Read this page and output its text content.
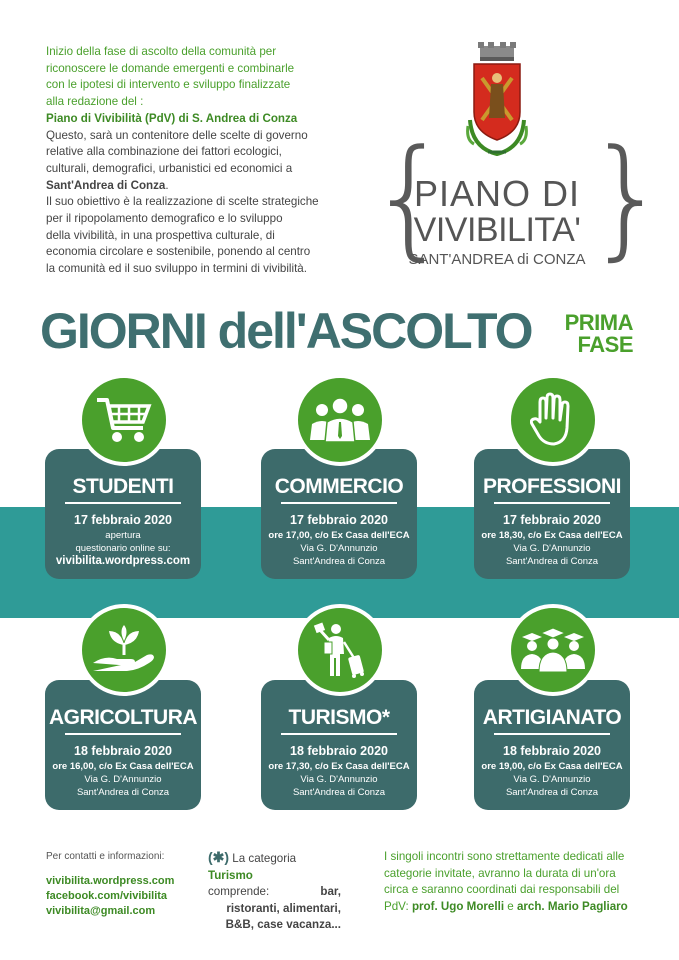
Inizio della fase di ascolto della comunità per
riconoscere le domande emergenti e combinarle
con le ipotesi di intervento e sviluppo finalizzate
alla redazione del :
Piano di Vivibilità (PdV) di S. Andrea di Conza
Questo, sarà un contenitore delle scelte di governo
relative alla combinazione dei fattori ecologici,
culturali, demografici, urbanistici ed economici a
Sant'Andrea di Conza.
Il suo obiettivo è la realizzazione di scelte strategiche
per il ripopolamento demografico e lo sviluppo
della vivibilità, in una prospettiva culturale, di
economia circolare e sostenibile, ponendo al centro
la comunità ed il suo sviluppo in termini di vivibilità. { }
PIANO DI
VIVIBILITA'
SANT'ANDREA di CONZA
GIORNI dell'ASCOLTO	PRIMA
FASE
STUDENTI
17 febbraio 2020
apertura
questionario online su:
vivibilita.wordpress.com
COMMERCIO
17 febbraio 2020
ore 17,00, c/o Ex Casa dell'ECA
Via G. D'Annunzio
Sant'Andrea di Conza
PROFESSIONI
17 febbraio 2020
ore 18,30, c/o Ex Casa dell'ECA
Via G. D'Annunzio
Sant'Andrea di Conza
AGRICOLTURA
18 febbraio 2020
ore 16,00, c/o Ex Casa dell'ECA
Via G. D'Annunzio
Sant'Andrea di Conza
TURISMO*
18 febbraio 2020
ore 17,30, c/o Ex Casa dell'ECA
Via G. D'Annunzio
Sant'Andrea di Conza
ARTIGIANATO
18 febbraio 2020
ore 19,00, c/o Ex Casa dell'ECA
Via G. D'Annunzio
Sant'Andrea di Conza
Per contatti e informazioni:
vivibilita.wordpress.com
facebook.com/vivibilita
vivibilita@gmail.com
(✱) La categoria Turismo
comprende: bar,
ristoranti, alimentari,
B&B, case vacanza...
I singoli incontri sono strettamente dedicati alle
categorie invitate, avranno la durata di un'ora
circa e saranno coordinati dai responsabili del
PdV: prof. Ugo Morelli e arch. Mario Pagliaro
